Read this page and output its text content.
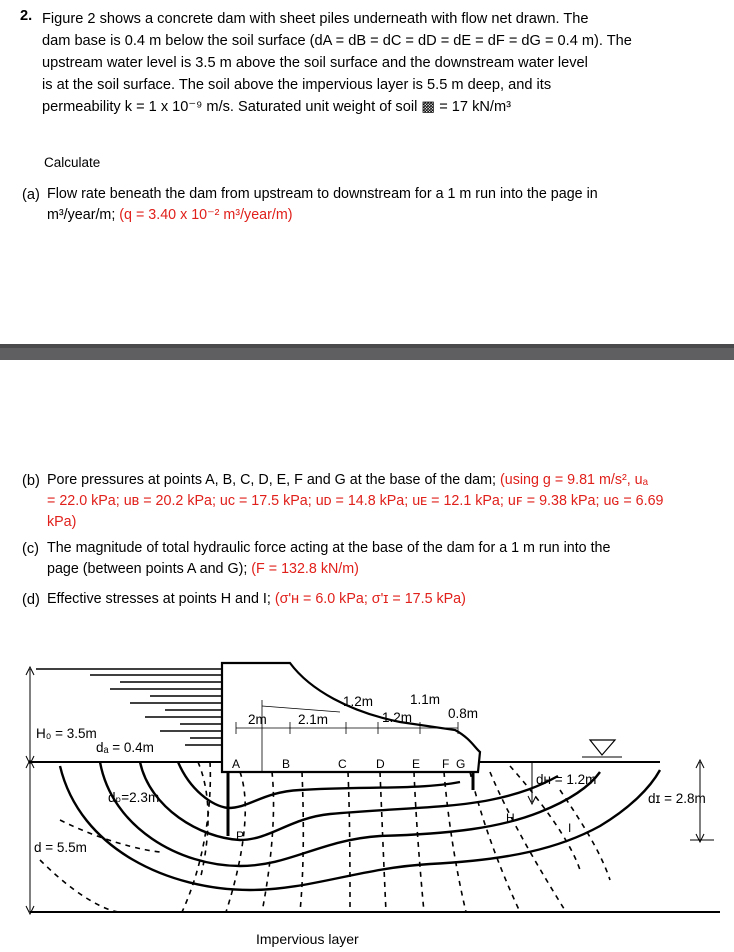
2. Figure 2 shows a concrete dam with sheet piles underneath with flow net drawn. The
dam base is 0.4 m below the soil surface (dA = dB = dC = dD = dE = dF = dG = 0.4 m). The
upstream water level is 3.5 m above the soil surface and the downstream water level
is at the soil surface. The soil above the impervious layer is 5.5 m deep, and its
permeability k = 1 x 10⁻⁹ m/s. Saturated unit weight of soil ▩ = 17 kN/m³
Calculate
(a) Flow rate beneath the dam from upstream to downstream for a 1 m run into the page in
m³/year/m; (q = 3.40 x 10⁻² m³/year/m)
(b) Pore pressures at points A, B, C, D, E, F and G at the base of the dam; (using g = 9.81 m/s², uₐ
= 22.0 kPa; uʙ = 20.2 kPa; uᴄ = 17.5 kPa; uᴅ = 14.8 kPa; uᴇ = 12.1 kPa; uꜰ = 9.38 kPa; uɢ = 6.69
kPa)
(c) The magnitude of total hydraulic force acting at the base of the dam for a 1 m run into the
page (between points A and G); (F = 132.8 kN/m)
(d) Effective stresses at points H and I; (σ'ʜ = 6.0 kPa; σ'ɪ = 17.5 kPa)
H₀ = 3.5m
dₐ = 0.4m
dₚ=2.3m
d = 5.5m
2m 2.1m
1.2m	1.1m
1.2m	0.8m
dʜ = 1.2m
dɪ = 2.8m
A	B	C D E F G
P
H
I
Impervious layer
